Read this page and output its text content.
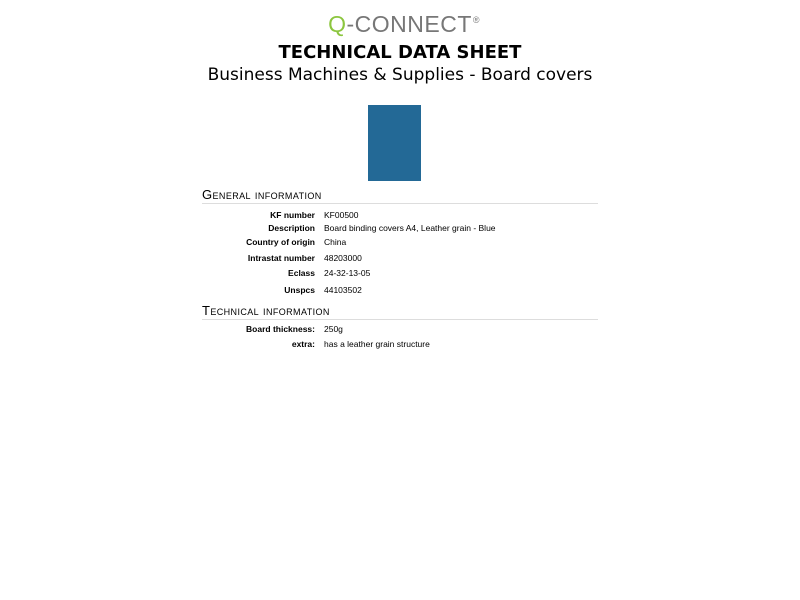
Q-CONNECT ®
TECHNICAL DATA SHEET
Business Machines & Supplies - Board covers
General information
KF number KF00500
Description Board binding covers A4, Leather grain - Blue
Country of origin China
Intrastat number 48203000
Eclass 24-32-13-05
Unspcs 44103502
Technical information
Board thickness: 250g
extra: has a leather grain structure
